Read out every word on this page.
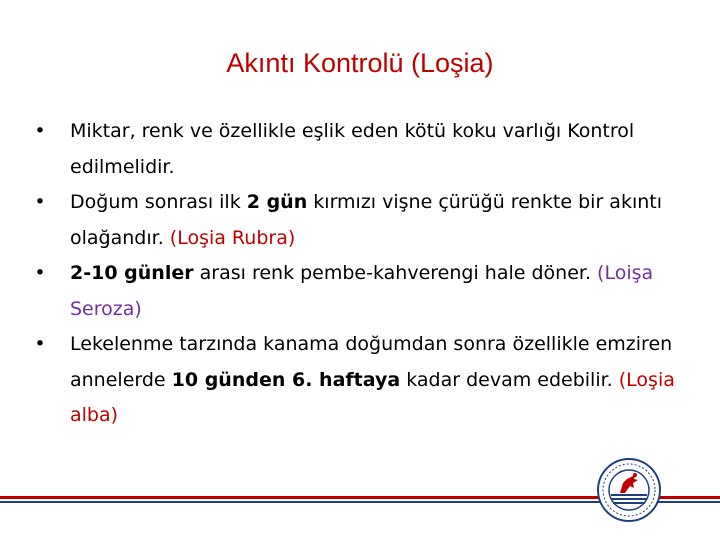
Akıntı Kontrolü (Loşia)
• Miktar, renk ve özellikle eşlik eden kötü koku varlığı Kontrol edilmelidir.
• Doğum sonrası ilk 2 gün kırmızı vişne çürüğü renkte bir akıntı olağandır. (Loşia Rubra)
• 2-10 günler arası renk pembe-kahverengi hale döner. (Loişa Seroza)
• Lekelenme tarzında kanama doğumdan sonra özellikle emziren annelerde 10 günden 6. haftaya kadar devam edebilir. (Loşia alba)
